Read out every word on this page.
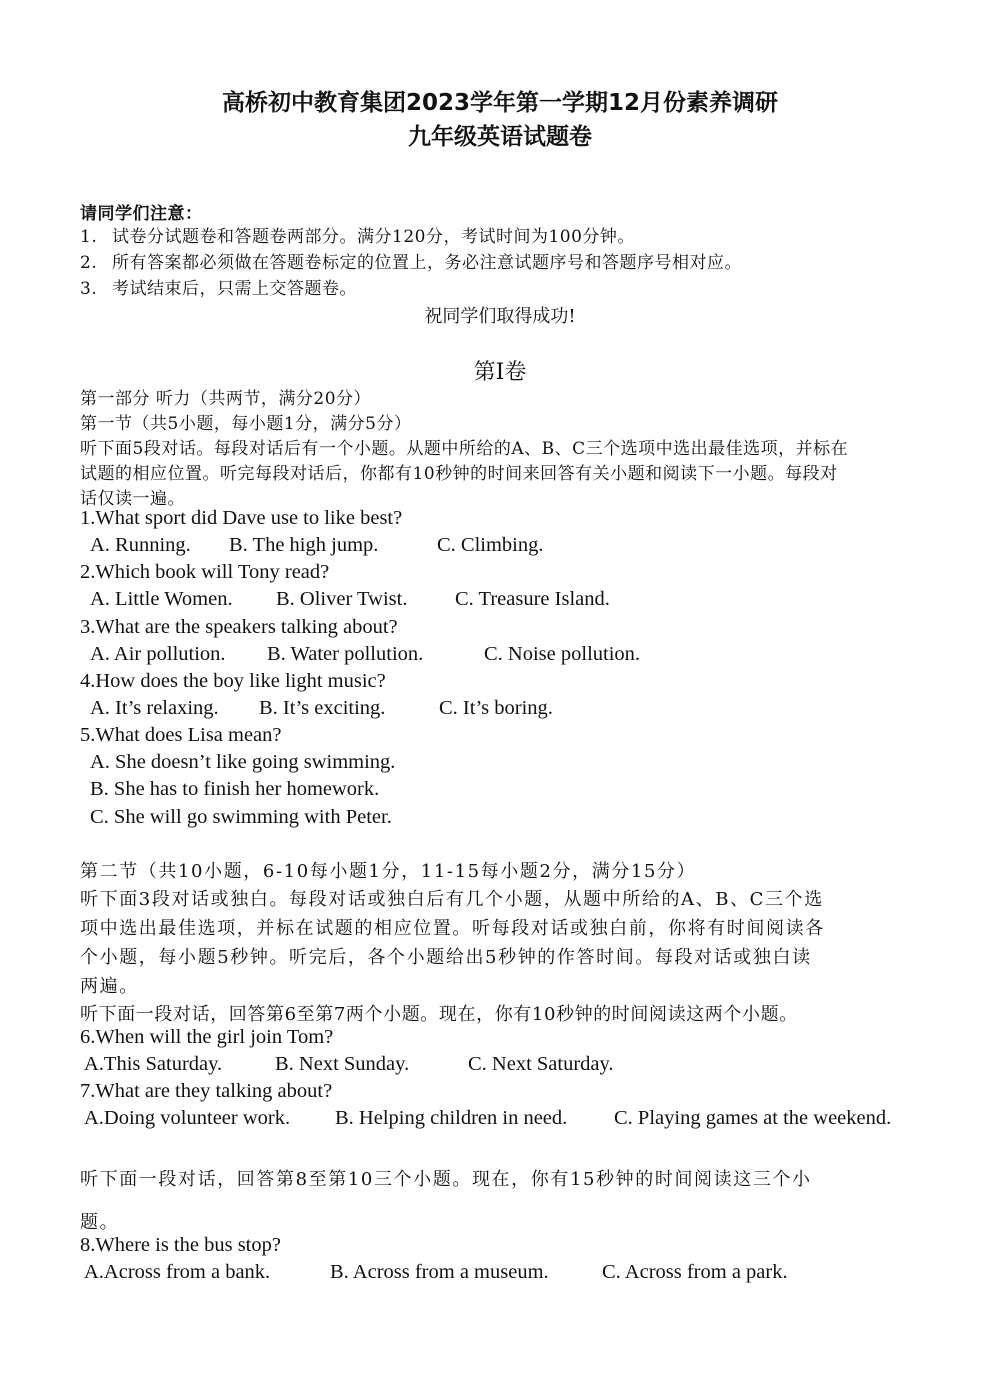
高桥初中教育集团2023学年第一学期12月份素养调研
九年级英语试题卷
请同学们注意：
1. 试卷分试题卷和答题卷两部分。满分120分，考试时间为100分钟。
2. 所有答案都必须做在答题卷标定的位置上，务必注意试题序号和答题序号相对应。
3. 考试结束后，只需上交答题卷。
祝同学们取得成功!
第Ⅰ卷
第一部分 听力（共两节，满分20分）
第一节（共5小题，每小题1分，满分5分）
听下面5段对话。每段对话后有一个小题。从题中所给的A、B、C三个选项中选出最佳选项，并标在
试题的相应位置。听完每段对话后，你都有10秒钟的时间来回答有关小题和阅读下一小题。每段对
话仅读一遍。
1.What sport did Dave use to like best?
A. Running. B. The high jump.	C. Climbing.
2.Which book will Tony read?
A. Little Women. B. Oliver Twist. C. Treasure Island.
3.What are the speakers talking about?
A. Air pollution. B. Water pollution.	C. Noise pollution.
4.How does the boy like light music?
A. It’s relaxing. B. It’s exciting.	C. It’s boring.
5.What does Lisa mean?
A. She doesn’t like going swimming.
B. She has to finish her homework.
C. She will go swimming with Peter.
第二节（共10小题，6-10每小题1分，11-15每小题2分，满分15分）
听下面3段对话或独白。每段对话或独白后有几个小题，从题中所给的A、B、C三个选
项中选出最佳选项，并标在试题的相应位置。听每段对话或独白前，你将有时间阅读各
个小题，每小题5秒钟。听完后，各个小题给出5秒钟的作答时间。每段对话或独白读
两遍。
听下面一段对话，回答第6至第7两个小题。现在，你有10秒钟的时间阅读这两个小题。
6.When will the girl join Tom?
A.This Saturday.	B. Next Sunday.	C. Next Saturday.
7.What are they talking about?
A.Doing volunteer work. B. Helping children in need. C. Playing games at the weekend.
听下面一段对话，回答第8至第10三个小题。现在，你有15秒钟的时间阅读这三个小
题。
8.Where is the bus stop?
A.Across from a bank.	B. Across from a museum.	C. Across from a park.
